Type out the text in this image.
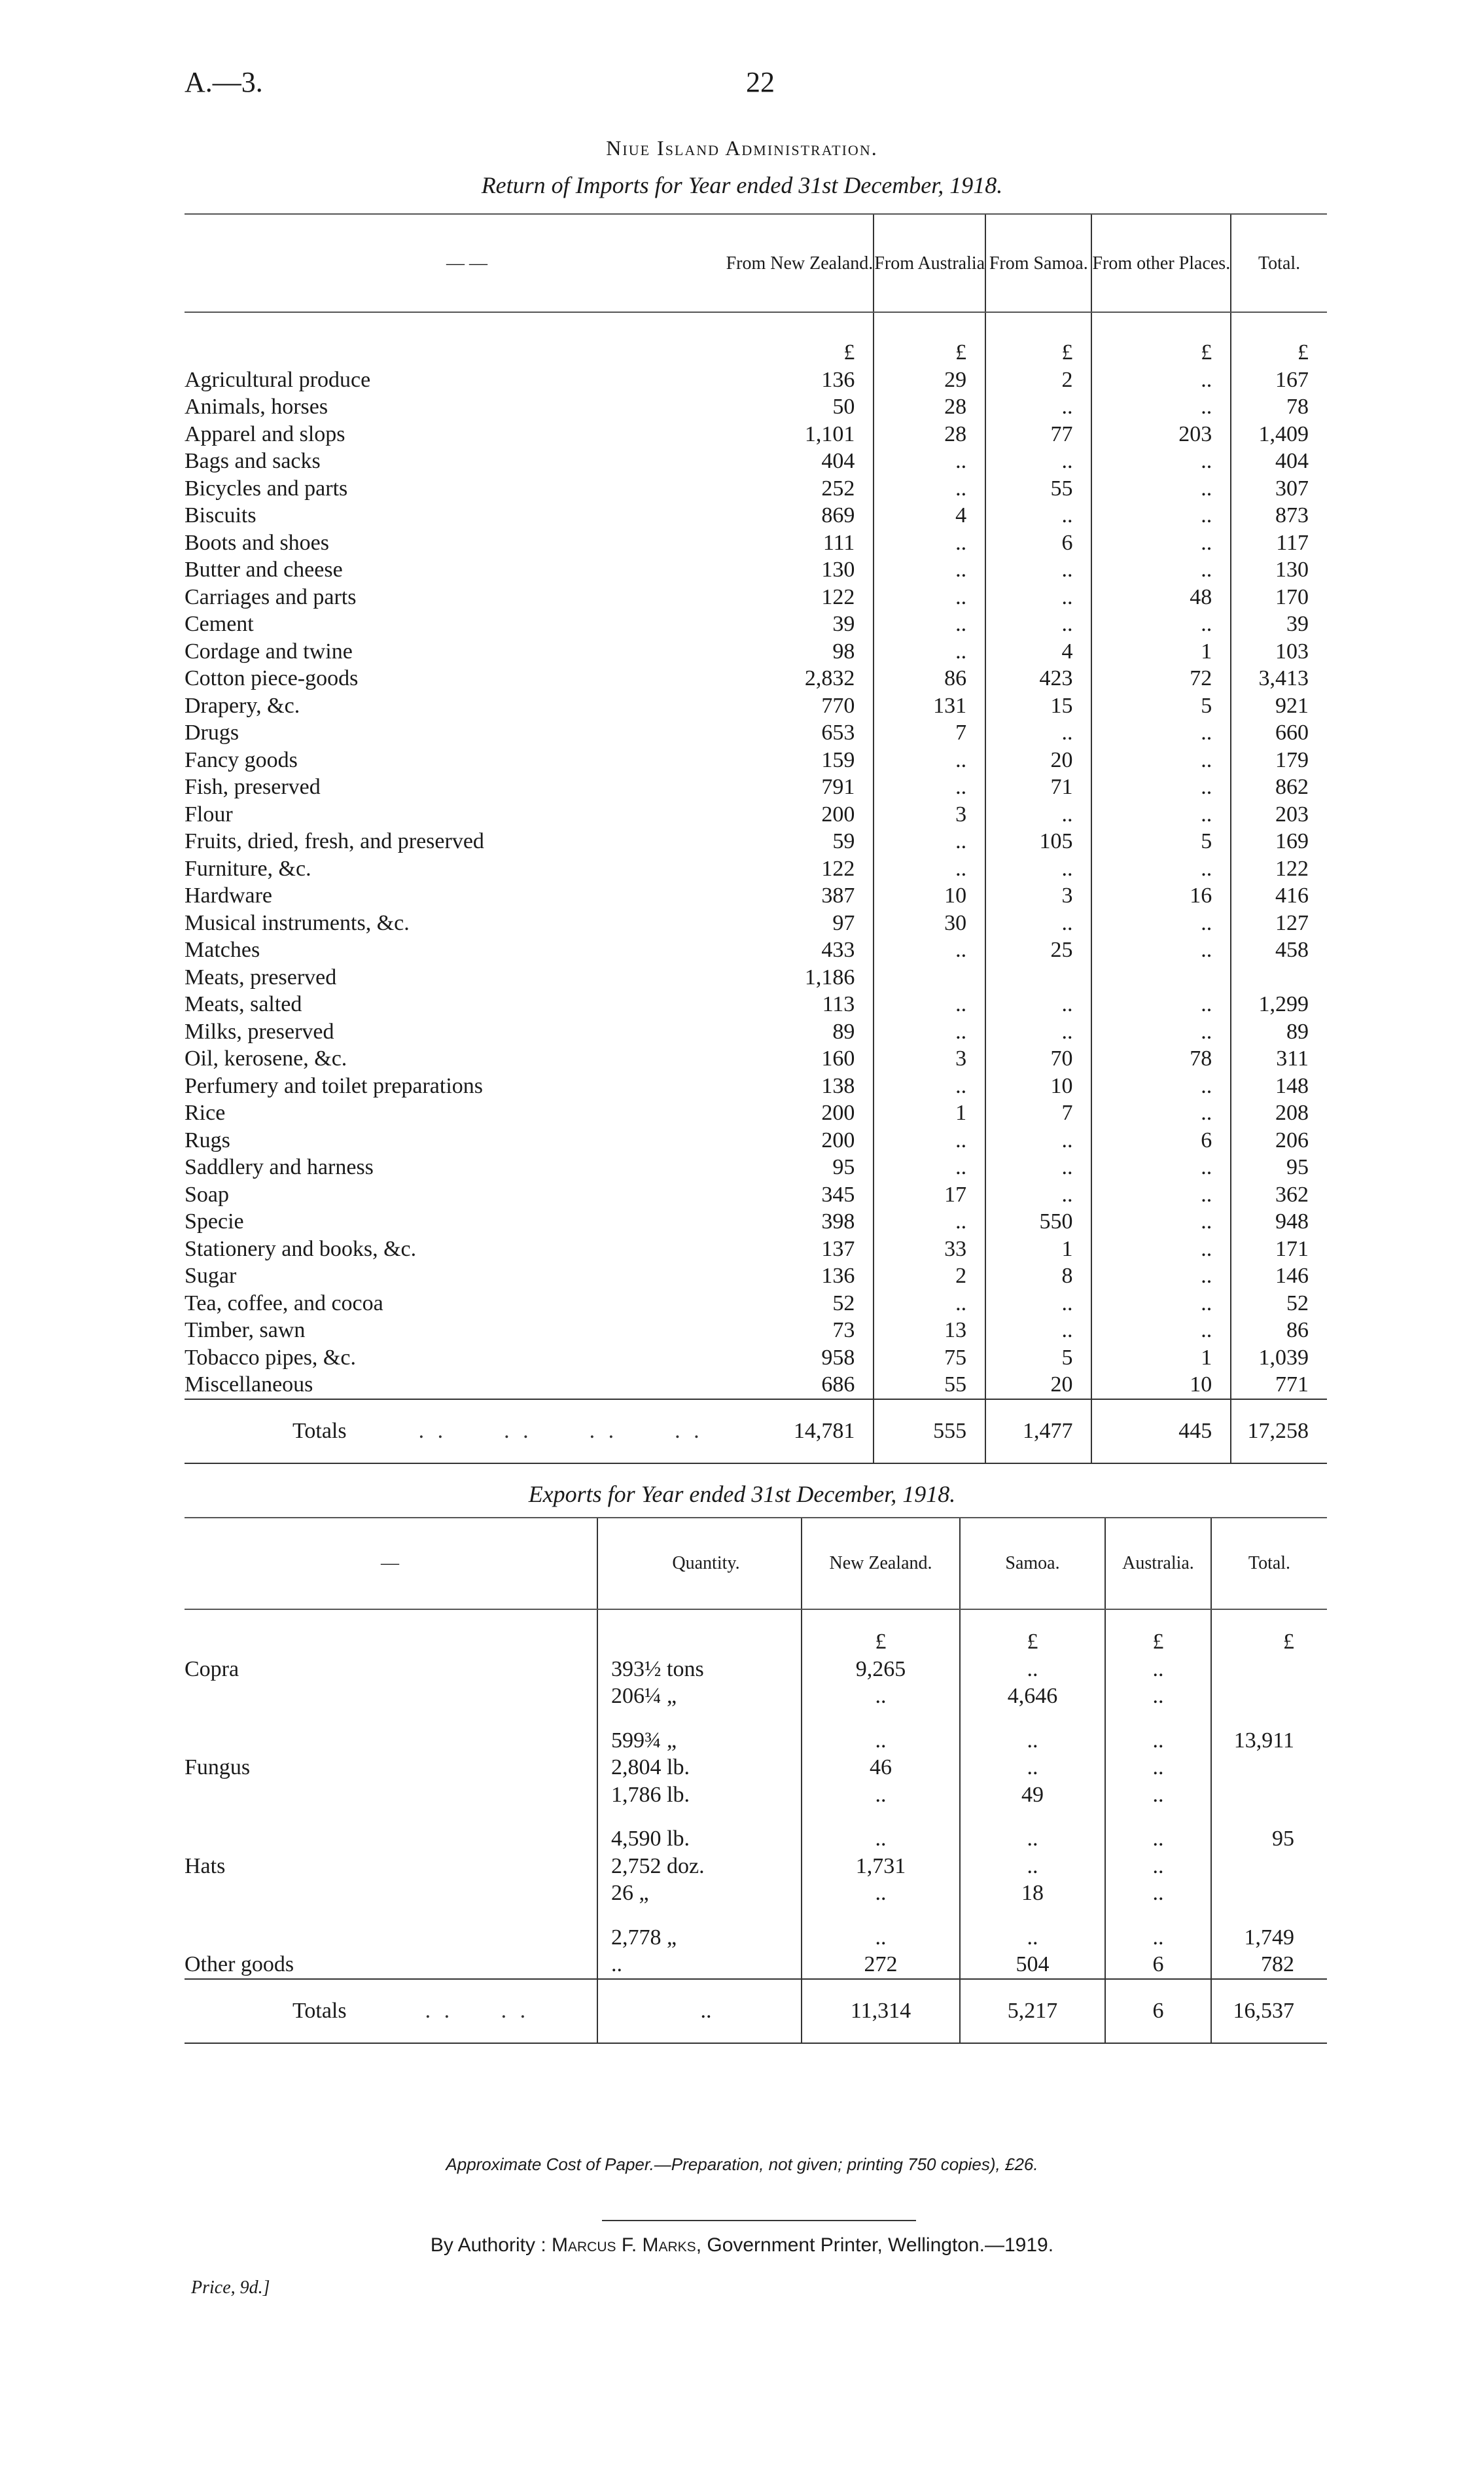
A.—3.	22
Niue Island Administration.
Return of Imports for Year ended 31st December, 1918.
— —	From New Zealand.	From Australia	From Samoa.	From other Places.	Total.
	£	£	£	£	£
Agricultural produce	136	29	2	..	167
Animals, horses	50	28	..	..	78
Apparel and slops	1,101	28	77	203	1,409
Bags and sacks	404	..	..	..	404
Bicycles and parts	252	..	55	..	307
Biscuits	869	4	..	..	873
Boots and shoes	111	..	6	..	117
Butter and cheese	130	..	..	..	130
Carriages and parts	122	..	..	48	170
Cement	39	..	..	..	39
Cordage and twine	98	..	4	1	103
Cotton piece-goods	2,832	86	423	72	3,413
Drapery, &c.	770	131	15	5	921
Drugs	653	7	..	..	660
Fancy goods	159	..	20	..	179
Fish, preserved	791	..	71	..	862
Flour	200	3	..	..	203
Fruits, dried, fresh, and preserved	59	..	105	5	169
Furniture, &c.	122	..	..	..	122
Hardware	387	10	3	16	416
Musical instruments, &c.	97	30	..	..	127
Matches	433	..	25	..	458
Meats, preserved	1,186				
Meats, salted	113	..	..	..	1,299
Milks, preserved	89	..	..	..	89
Oil, kerosene, &c.	160	3	70	78	311
Perfumery and toilet preparations	138	..	10	..	148
Rice	200	1	7	..	208
Rugs	200	..	..	6	206
Saddlery and harness	95	..	..	..	95
Soap	345	17	..	..	362
Specie	398	..	550	..	948
Stationery and books, &c.	137	33	1	..	171
Sugar	136	2	8	..	146
Tea, coffee, and cocoa	52	..	..	..	52
Timber, sawn	73	13	..	..	86
Tobacco pipes, &c.	958	75	5	1	1,039
Miscellaneous	686	55	20	10	771
Totals . .      . .      . .      . .	14,781	555	1,477	445	17,258
Exports for Year ended 31st December, 1918.
—	Quantity.	New Zealand.	Samoa.	Australia.	Total.
		£	£	£	£
Copra	393½ tons	9,265	..	..	
	206¼ „	..	4,646	..	
	599¾ „	..	..	..	13,911
Fungus	2,804 lb.	46	..	..	
	1,786 lb.	..	49	..	
	4,590 lb.	..	..	..	95
Hats	2,752 doz.	1,731	..	..	
	26 „	..	18	..	
	2,778 „	..	..	..	1,749
Other goods	..	272	504	6	782
Totals . .     . .	..	11,314	5,217	6	16,537
Approximate Cost of Paper.—Preparation, not given; printing 750 copies), £26.
By Authority : Marcus F. Marks, Government Printer, Wellington.—1919.
Price, 9d.]
